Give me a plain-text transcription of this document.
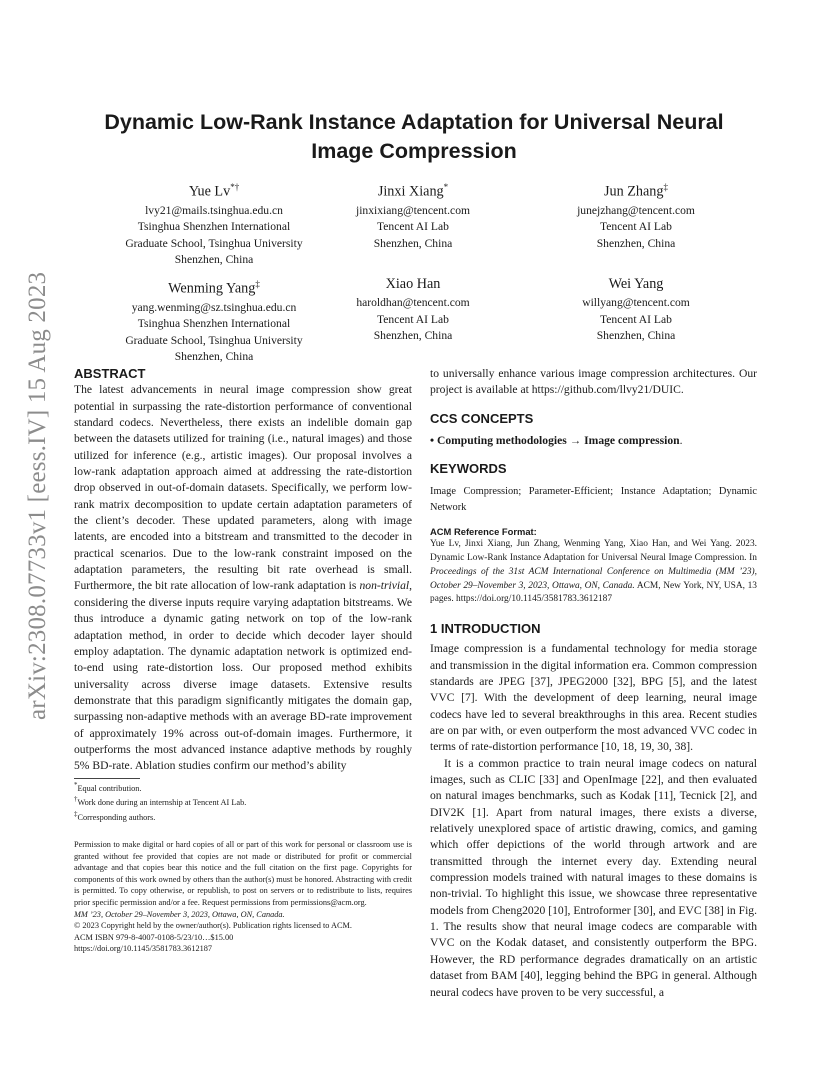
arXiv:2308.07733v1 [eess.IV] 15 Aug 2023
Dynamic Low-Rank Instance Adaptation for Universal Neural Image Compression
Yue Lv*†
lvy21@mails.tsinghua.edu.cn
Tsinghua Shenzhen International
Graduate School, Tsinghua University
Shenzhen, China
Jinxi Xiang*
jinxixiang@tencent.com
Tencent AI Lab
Shenzhen, China
Jun Zhang‡
junejzhang@tencent.com
Tencent AI Lab
Shenzhen, China
Wenming Yang‡
yang.wenming@sz.tsinghua.edu.cn
Tsinghua Shenzhen International
Graduate School, Tsinghua University
Shenzhen, China
Xiao Han
haroldhan@tencent.com
Tencent AI Lab
Shenzhen, China
Wei Yang
willyang@tencent.com
Tencent AI Lab
Shenzhen, China
ABSTRACT

The latest advancements in neural image compression show great potential in surpassing the rate-distortion performance of conventional standard codecs. Nevertheless, there exists an indelible domain gap between the datasets utilized for training (i.e., natural images) and those utilized for inference (e.g., artistic images). Our proposal involves a low-rank adaptation approach aimed at addressing the rate-distortion drop observed in out-of-domain datasets. Specifically, we perform low-rank matrix decomposition to update certain adaptation parameters of the client’s decoder. These updated parameters, along with image latents, are encoded into a bitstream and transmitted to the decoder in practical scenarios. Due to the low-rank constraint imposed on the adaptation parameters, the resulting bit rate overhead is small. Furthermore, the bit rate allocation of low-rank adaptation is non-trivial, considering the diverse inputs require varying adaptation bitstreams. We thus introduce a dynamic gating network on top of the low-rank adaptation method, in order to decide which decoder layer should employ adaptation. The dynamic adaptation network is optimized end-to-end using rate-distortion loss. Our proposed method exhibits universality across diverse image datasets. Extensive results demonstrate that this paradigm significantly mitigates the domain gap, surpassing non-adaptive methods with an average BD-rate improvement of approximately 19% across out-of-domain images. Furthermore, it outperforms the most advanced instance adaptive methods by roughly 5% BD-rate. Ablation studies confirm our method’s ability

*Equal contribution.
†Work done during an internship at Tencent AI Lab.
‡Corresponding authors.
Permission to make digital or hard copies of all or part of this work for personal or classroom use is granted without fee provided that copies are not made or distributed for profit or commercial advantage and that copies bear this notice and the full citation on the first page. Copyrights for components of this work owned by others than the author(s) must be honored. Abstracting with credit is permitted. To copy otherwise, or republish, to post on servers or to redistribute to lists, requires prior specific permission and/or a fee. Request permissions from permissions@acm.org.
MM ’23, October 29–November 3, 2023, Ottawa, ON, Canada.
© 2023 Copyright held by the owner/author(s). Publication rights licensed to ACM.
ACM ISBN 979-8-4007-0108-5/23/10…$15.00
https://doi.org/10.1145/3581783.3612187

to universally enhance various image compression architectures. Our project is available at https://github.com/llvy21/DUIC.

CCS CONCEPTS

• Computing methodologies → Image compression.

KEYWORDS

Image Compression; Parameter-Efficient; Instance Adaptation; Dynamic Network

ACM Reference Format:
Yue Lv, Jinxi Xiang, Jun Zhang, Wenming Yang, Xiao Han, and Wei Yang. 2023. Dynamic Low-Rank Instance Adaptation for Universal Neural Image Compression. In Proceedings of the 31st ACM International Conference on Multimedia (MM ’23), October 29–November 3, 2023, Ottawa, ON, Canada. ACM, New York, NY, USA, 13 pages. https://doi.org/10.1145/3581783.3612187
1 INTRODUCTION

Image compression is a fundamental technology for media storage and transmission in the digital information era. Common compression standards are JPEG [37], JPEG2000 [32], BPG [5], and the latest VVC [7]. With the development of deep learning, neural image codecs have led to several breakthroughs in this area. Recent studies are on par with, or even outperform the most advanced VVC codec in terms of rate-distortion performance [10, 18, 19, 30, 38].

It is a common practice to train neural image codecs on natural images, such as CLIC [33] and OpenImage [22], and then evaluated on natural images benchmarks, such as Kodak [11], Tecnick [2], and DIV2K [1]. Apart from natural images, there exists a diverse, relatively unexplored space of artistic drawing, comics, and gaming which offer depictions of the world through artwork and are transmitted through the internet every day. Extending neural compression models trained with natural images to these domains is non-trivial. To highlight this issue, we showcase three representative models from Cheng2020 [10], Entroformer [30], and EVC [38] in Fig. 1. The results show that neural image codecs are comparable with VVC on the Kodak dataset, and consistently outperform the BPG. However, the RD performance degrades dramatically on an artistic dataset from BAM [40], legging behind the BPG in general. Although neural codecs have proven to be very successful, a
